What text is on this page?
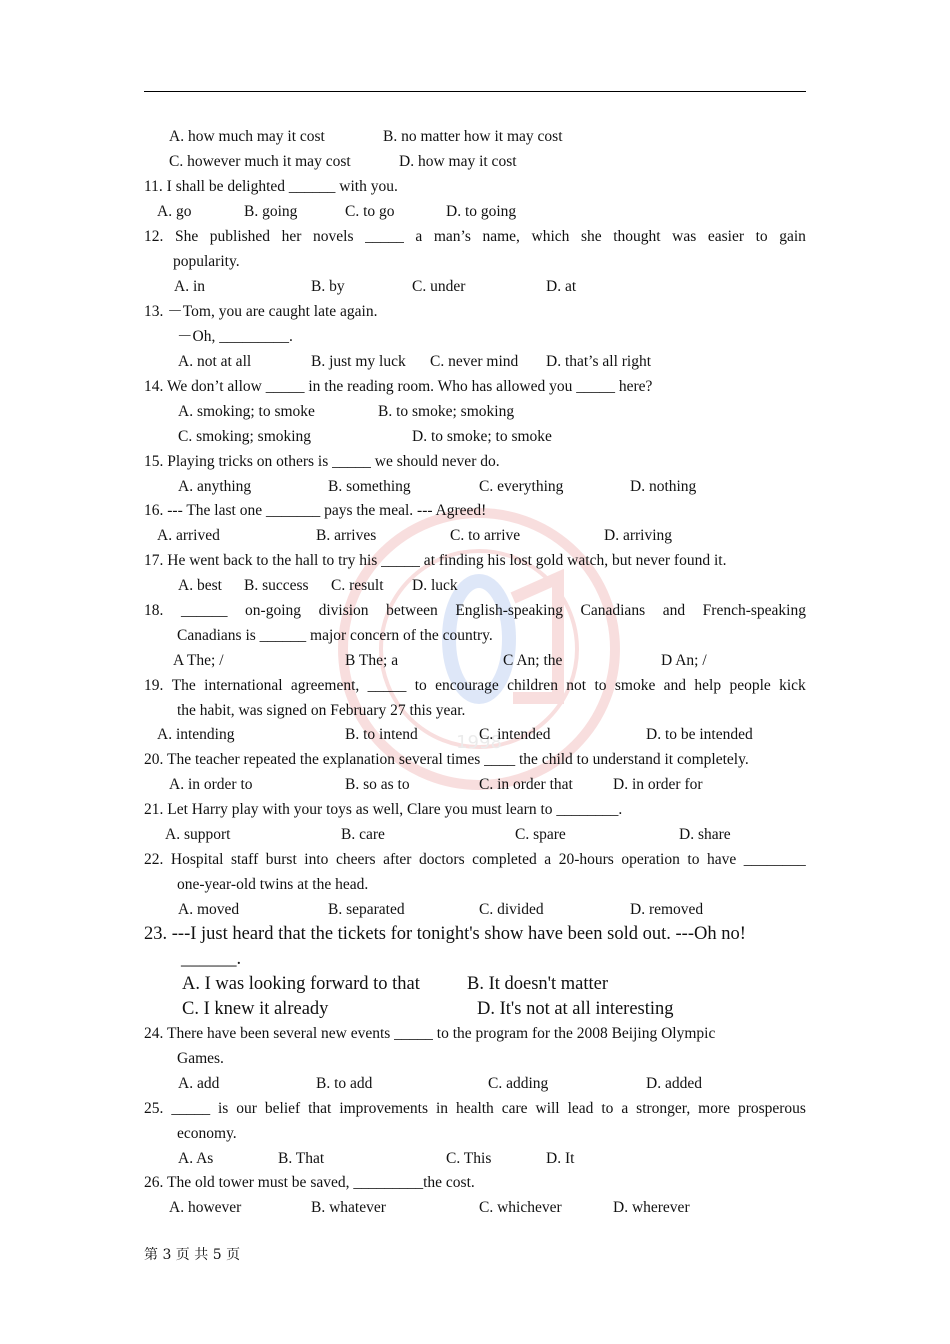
1998
A. how much may it cost	B. no matter how it may cost
C. however much it may cost	D. how may it cost
11. I shall be delighted ______ with you.
A. go	B. going	C. to go	D. to going
12. She published her novels _____ a man’s name, which she thought was easier to gain
popularity.
A. in	B. by	C. under	D. at
13. －Tom, you are caught late again.
－Oh, _________.
A. not at all	B. just my luck C. never mind D. that’s all right
14. We don’t allow _____ in the reading room. Who has allowed you _____ here?
A. smoking; to smoke	B. to smoke; smoking
C. smoking; smoking	D. to smoke; to smoke
15. Playing tricks on others is _____ we should never do.
A. anything	B. something	C. everything	D. nothing
16. --- The last one _______ pays the meal. --- Agreed!
A. arrived	B. arrives	C. to arrive	D. arriving
17. He went back to the hall to try his _____ at finding his lost gold watch, but never found it.
A. best B. success C. result D. luck
18. ______ on-going division between English-speaking Canadians and French-speaking
Canadians is ______ major concern of the country.
A The; /	B The; a	C An; the	D An; /
19. The international agreement, _____ to encourage children not to smoke and help people kick
the habit, was signed on February 27 this year.
A. intending	B. to intend	C. intended	D. to be intended
20. The teacher repeated the explanation several times ____ the child to understand it completely.
A. in order to	B. so as to	C. in order that	D. in order for
21. Let Harry play with your toys as well, Clare you must learn to ________.
A. support	B. care	C. spare	D. share
22. Hospital staff burst into cheers after doctors completed a 20-hours operation to have ________
one-year-old twins at the head.
A. moved	B. separated	C. divided	D. removed
23. ---I just heard that the tickets for tonight's show have been sold out. ---Oh no!
______.
A. I was looking forward to that	B. It doesn't matter
C. I knew it already	D. It's not at all interesting
24. There have been several new events _____ to the program for the 2008 Beijing Olympic
Games.
A. add	B. to add	C. adding	D. added
25. _____ is our belief that improvements in health care will lead to a stronger, more prosperous
economy.
A. As	B. That	C. This	D. It
26. The old tower must be saved, _________the cost.
A. however	B. whatever	C. whichever	D. wherever
第 3 页 共 5 页
